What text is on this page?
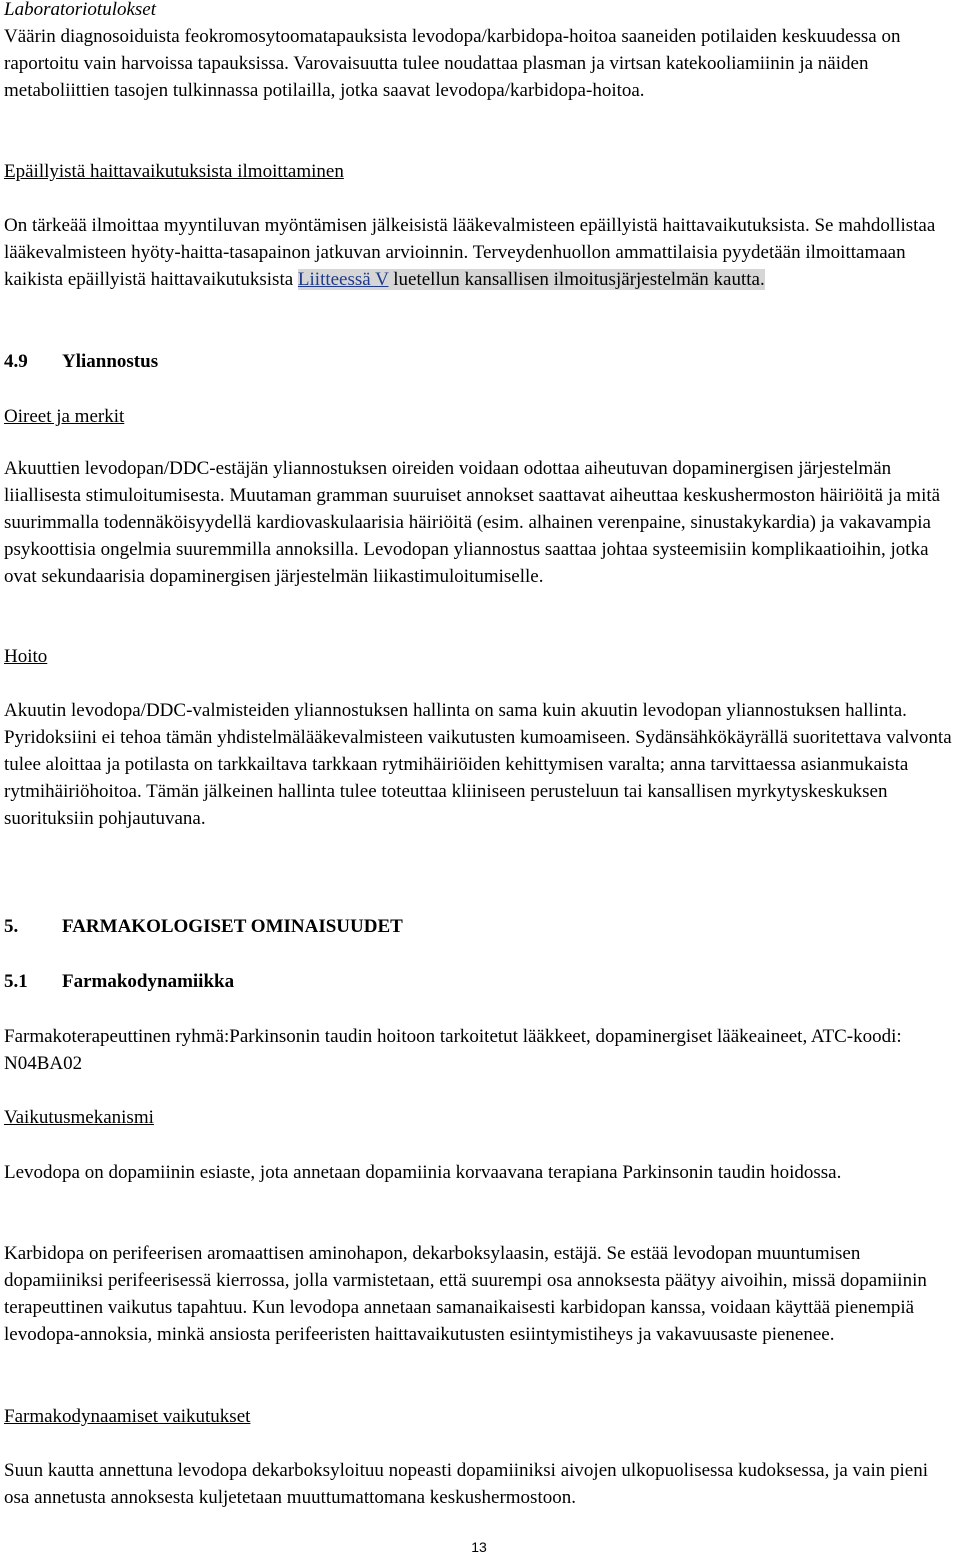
Laboratoriotulokset

Väärin diagnosoiduista feokromosytoomatapauksista levodopa/karbidopa-hoitoa saaneiden potilaiden keskuudessa on raportoitu vain harvoissa tapauksissa. Varovaisuutta tulee noudattaa plasman ja virtsan katekooliamiinin ja näiden metaboliittien tasojen tulkinnassa potilailla, jotka saavat levodopa/karbidopa-hoitoa.

Epäillyistä haittavaikutuksista ilmoittaminen

On tärkeää ilmoittaa myyntiluvan myöntämisen jälkeisistä lääkevalmisteen epäillyistä haittavaikutuksista. Se mahdollistaa lääkevalmisteen hyöty-haitta-tasapainon jatkuvan arvioinnin. Terveydenhuollon ammattilaisia pyydetään ilmoittamaan kaikista epäillyistä haittavaikutuksista Liitteessä V luetellun kansallisen ilmoitusjärjestelmän kautta.

4.9 Yliannostus

Oireet ja merkit

Akuuttien levodopan/DDC-estäjän yliannostuksen oireiden voidaan odottaa aiheutuvan dopaminergisen järjestelmän liiallisesta stimuloitumisesta. Muutaman gramman suuruiset annokset saattavat aiheuttaa keskushermoston häiriöitä ja mitä suurimmalla todennäköisyydellä kardiovaskulaarisia häiriöitä (esim. alhainen verenpaine, sinustakykardia) ja vakavampia psykoottisia ongelmia suuremmilla annoksilla. Levodopan yliannostus saattaa johtaa systeemisiin komplikaatioihin, jotka ovat sekundaarisia dopaminergisen järjestelmän liikastimuloitumiselle.

Hoito

Akuutin levodopa/DDC-valmisteiden yliannostuksen hallinta on sama kuin akuutin levodopan yliannostuksen hallinta. Pyridoksiini ei tehoa tämän yhdistelmälääkevalmisteen vaikutusten kumoamiseen. Sydänsähkökäyrällä suoritettava valvonta tulee aloittaa ja potilasta on tarkkailtava tarkkaan rytmihäiriöiden kehittymisen varalta; anna tarvittaessa asianmukaista rytmihäiriöhoitoa. Tämän jälkeinen hallinta tulee toteuttaa kliiniseen perusteluun tai kansallisen myrkytyskeskuksen suorituksiin pohjautuvana.

5. FARMAKOLOGISET OMINAISUUDET

5.1 Farmakodynamiikka

Farmakoterapeuttinen ryhmä:Parkinsonin taudin hoitoon tarkoitetut lääkkeet, dopaminergiset lääkeaineet, ATC-koodi: N04BA02

Vaikutusmekanismi

Levodopa on dopamiinin esiaste, jota annetaan dopamiinia korvaavana terapiana Parkinsonin taudin hoidossa.

Karbidopa on perifeerisen aromaattisen aminohapon, dekarboksylaasin, estäjä. Se estää levodopan muuntumisen dopamiiniksi perifeerisessä kierrossa, jolla varmistetaan, että suurempi osa annoksesta päätyy aivoihin, missä dopamiinin terapeuttinen vaikutus tapahtuu. Kun levodopa annetaan samanaikaisesti karbidopan kanssa, voidaan käyttää pienempiä levodopa-annoksia, minkä ansiosta perifeeristen haittavaikutusten esiintymistiheys ja vakavuusaste pienenee.

Farmakodynaamiset vaikutukset

Suun kautta annettuna levodopa dekarboksyloituu nopeasti dopamiiniksi aivojen ulkopuolisessa kudoksessa, ja vain pieni osa annetusta annoksesta kuljetetaan muuttumattomana keskushermostoon.

13
